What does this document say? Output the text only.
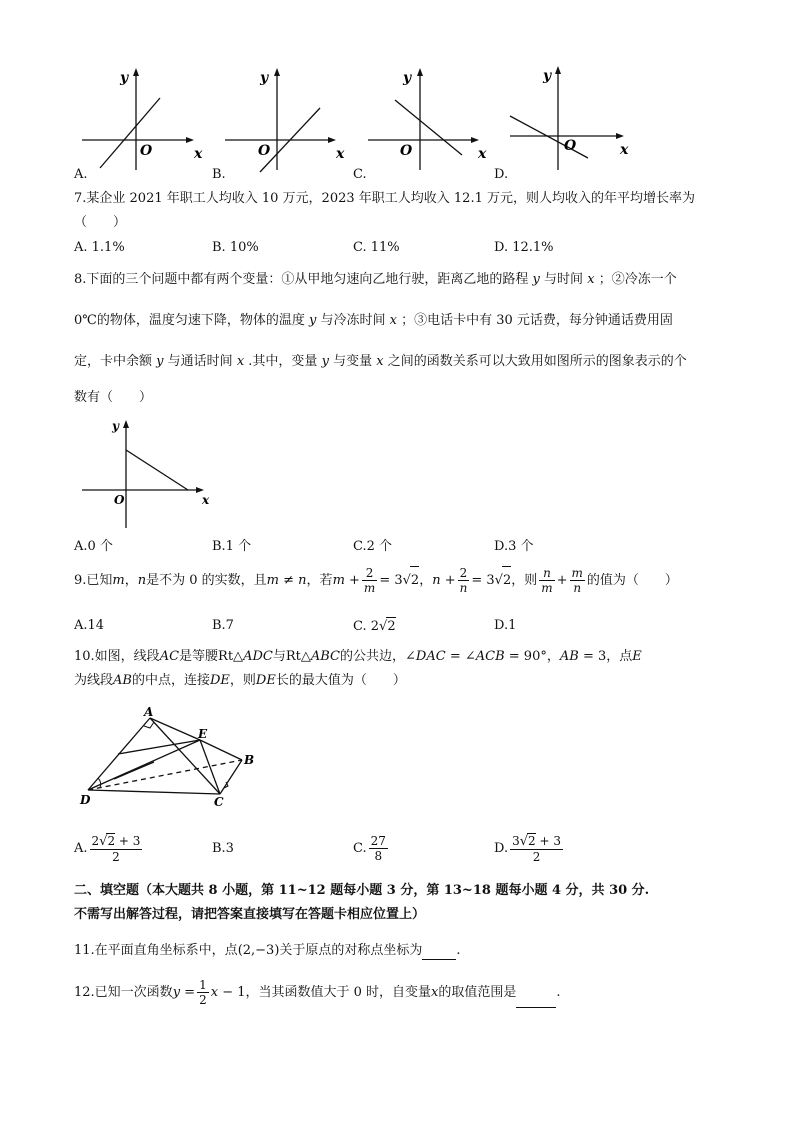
y
x
O
y
x
O
y
x
O
y
x
O
A.	B.	C.	D.
7.某企业 2021 年职工人均收入 10 万元，2023 年职工人均收入 12.1 万元，则人均收入的年平均增长率为
（　　）
A. 1.1%	B. 10%	C. 11%	D. 12.1%
8.下面的三个问题中都有两个变量：①从甲地匀速向乙地行驶，距离乙地的路程 y 与时间 x ；②冷冻一个
0℃的物体，温度匀速下降，物体的温度 y 与冷冻时间 x ；③电话卡中有 30 元话费，每分钟通话费用固
定，卡中余额 y 与通话时间 x .其中，变量 y 与变量 x 之间的函数关系可以大致用如图所示的图象表示的个
数有（　　）
y
x
O
A.0 个	B.1 个	C.2 个	D.3 个
9.已知m，n是不为 0 的实数，且m ≠ n，若$m + \frac{2}{m} = 3√2$，$n + \frac{2}{n} = 3√2$，则 $\frac{n}{m} + \frac{m}{n}$ 的值为（　　）
A.14	B.7	C. 2√2	D.1
10.如图，线段AC是等腰Rt△ADC与Rt△ABC的公共边，∠DAC = ∠ACB = 90°，AB = 3，点E
为线段AB的中点，连接DE，则DE长的最大值为（　　）
A
E
B
D	C
A. $\frac{2√2 + 3}{2}$	B.3	C. $\frac{27}{8}$	D. $\frac{3√2 + 3}{2}$
二、填空题（本大题共 8 小题，第 11~12 题每小题 3 分，第 13~18 题每小题 4 分，共 30 分.
不需写出解答过程，请把答案直接填写在答题卡相应位置上）
11.在平面直角坐标系中，点(2,−3)关于原点的对称点坐标为	.
12.已知一次函数$y = \frac{1}{2}$ x − 1，当其函数值大于 0 时，自变量x的取值范围是	.
